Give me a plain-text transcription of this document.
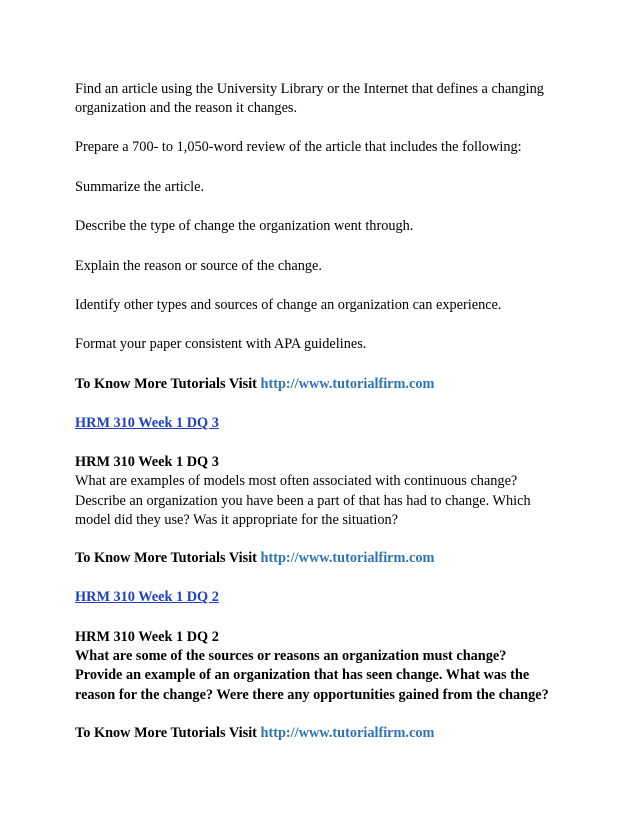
Find an article using the University Library or the Internet that defines a changing

organization and the reason it changes.

Prepare a 700- to 1,050-word review of the article that includes the following:

Summarize the article.

Describe the type of change the organization went through.

Explain the reason or source of the change.

Identify other types and sources of change an organization can experience.

Format your paper consistent with APA guidelines.

To Know More Tutorials Visit http://www.tutorialfirm.com

HRM 310 Week 1 DQ 3

HRM 310 Week 1 DQ 3

What are examples of models most often associated with continuous change?

Describe an organization you have been a part of that has had to change. Which

model did they use? Was it appropriate for the situation?

To Know More Tutorials Visit http://www.tutorialfirm.com

HRM 310 Week 1 DQ 2

HRM 310 Week 1 DQ 2

What are some of the sources or reasons an organization must change?

Provide an example of an organization that has seen change. What was the

reason for the change? Were there any opportunities gained from the change?

To Know More Tutorials Visit http://www.tutorialfirm.com
